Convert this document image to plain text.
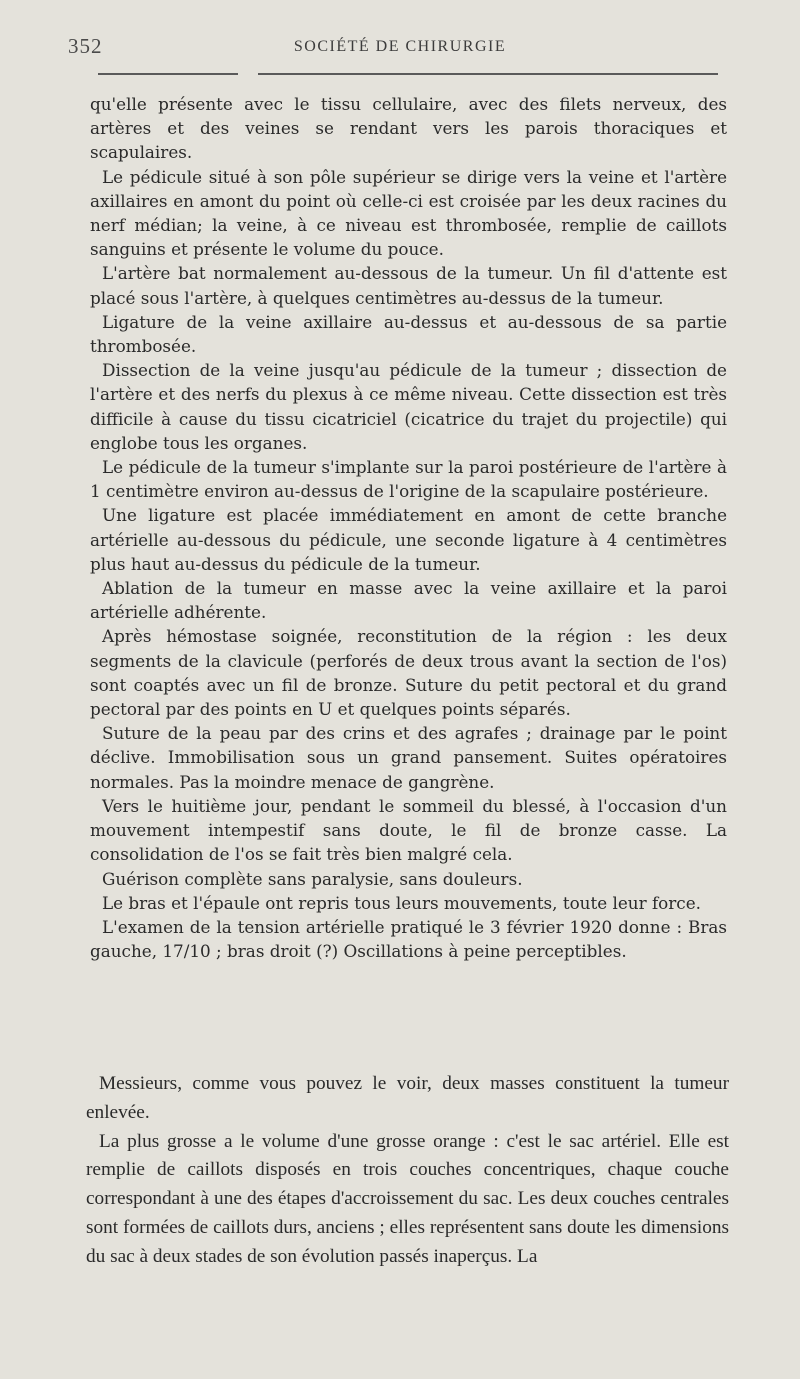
352	SOCIÉTÉ DE CHIRURGIE

qu'elle présente avec le tissu cellulaire, avec des filets nerveux, des artères et des veines se rendant vers les parois thoraciques et scapulaires.

Le pédicule situé à son pôle supérieur se dirige vers la veine et l'artère axillaires en amont du point où celle-ci est croisée par les deux racines du nerf médian; la veine, à ce niveau est thrombosée, remplie de caillots sanguins et présente le volume du pouce.

L'artère bat normalement au-dessous de la tumeur. Un fil d'attente est placé sous l'artère, à quelques centimètres au-dessus de la tumeur.

Ligature de la veine axillaire au-dessus et au-dessous de sa partie thrombosée.

Dissection de la veine jusqu'au pédicule de la tumeur ; dissection de l'artère et des nerfs du plexus à ce même niveau. Cette dissection est très difficile à cause du tissu cicatriciel (cicatrice du trajet du projectile) qui englobe tous les organes.

Le pédicule de la tumeur s'implante sur la paroi postérieure de l'artère à 1 centimètre environ au-dessus de l'origine de la scapulaire postérieure.

Une ligature est placée immédiatement en amont de cette branche artérielle au-dessous du pédicule, une seconde ligature à 4 centimètres plus haut au-dessus du pédicule de la tumeur.

Ablation de la tumeur en masse avec la veine axillaire et la paroi artérielle adhérente.

Après hémostase soignée, reconstitution de la région : les deux segments de la clavicule (perforés de deux trous avant la section de l'os) sont coaptés avec un fil de bronze. Suture du petit pectoral et du grand pectoral par des points en U et quelques points séparés.

Suture de la peau par des crins et des agrafes ; drainage par le point déclive. Immobilisation sous un grand pansement. Suites opératoires normales. Pas la moindre menace de gangrène.

Vers le huitième jour, pendant le sommeil du blessé, à l'occasion d'un mouvement intempestif sans doute, le fil de bronze casse. La consolidation de l'os se fait très bien malgré cela.

Guérison complète sans paralysie, sans douleurs.

Le bras et l'épaule ont repris tous leurs mouvements, toute leur force.

L'examen de la tension artérielle pratiqué le 3 février 1920 donne : Bras gauche, 17/10 ; bras droit (?) Oscillations à peine perceptibles.

Messieurs, comme vous pouvez le voir, deux masses constituent la tumeur enlevée.

La plus grosse a le volume d'une grosse orange : c'est le sac artériel. Elle est remplie de caillots disposés en trois couches concentriques, chaque couche correspondant à une des étapes d'accroissement du sac. Les deux couches centrales sont formées de caillots durs, anciens ; elles représentent sans doute les dimensions du sac à deux stades de son évolution passés inaperçus. La
